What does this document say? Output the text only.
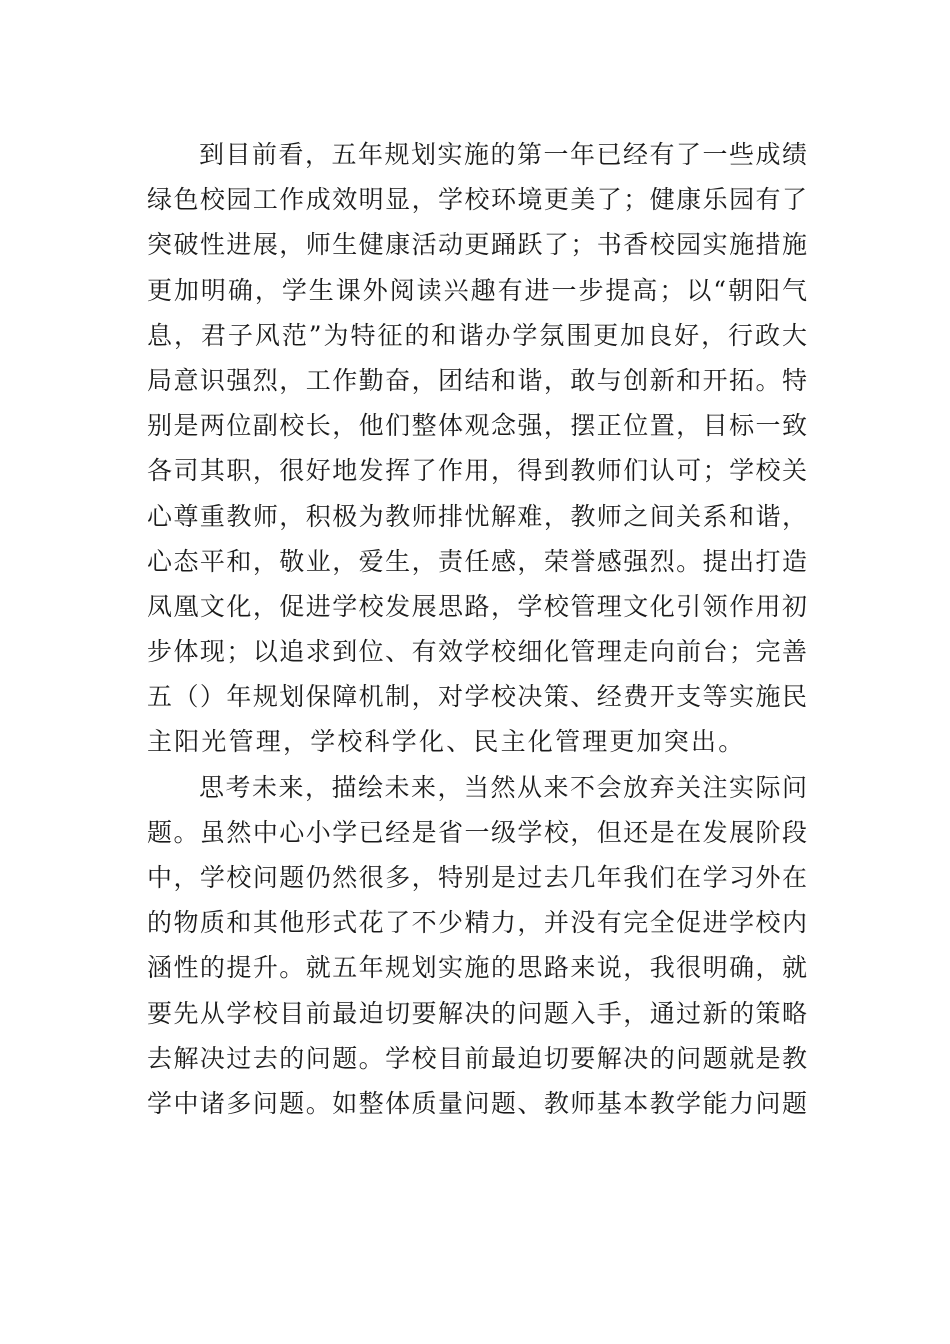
到目前看，五年规划实施的第一年已经有了一些成绩
绿色校园工作成效明显，学校环境更美了；健康乐园有了
突破性进展，师生健康活动更踊跃了；书香校园实施措施
更加明确，学生课外阅读兴趣有进一步提高；以“朝阳气
息，君子风范”为特征的和谐办学氛围更加良好，行政大
局意识强烈，工作勤奋，团结和谐，敢与创新和开拓。特
别是两位副校长，他们整体观念强，摆正位置，目标一致
各司其职，很好地发挥了作用，得到教师们认可；学校关
心尊重教师，积极为教师排忧解难，教师之间关系和谐，
心态平和，敬业，爱生，责任感，荣誉感强烈。提出打造
凤凰文化，促进学校发展思路，学校管理文化引领作用初
步体现；以追求到位、有效学校细化管理走向前台；完善
五（）年规划保障机制，对学校决策、经费开支等实施民
主阳光管理，学校科学化、民主化管理更加突出。
思考未来，描绘未来，当然从来不会放弃关注实际问
题。虽然中心小学已经是省一级学校，但还是在发展阶段
中，学校问题仍然很多，特别是过去几年我们在学习外在
的物质和其他形式花了不少精力，并没有完全促进学校内
涵性的提升。就五年规划实施的思路来说，我很明确，就
要先从学校目前最迫切要解决的问题入手，通过新的策略
去解决过去的问题。学校目前最迫切要解决的问题就是教
学中诸多问题。如整体质量问题、教师基本教学能力问题
